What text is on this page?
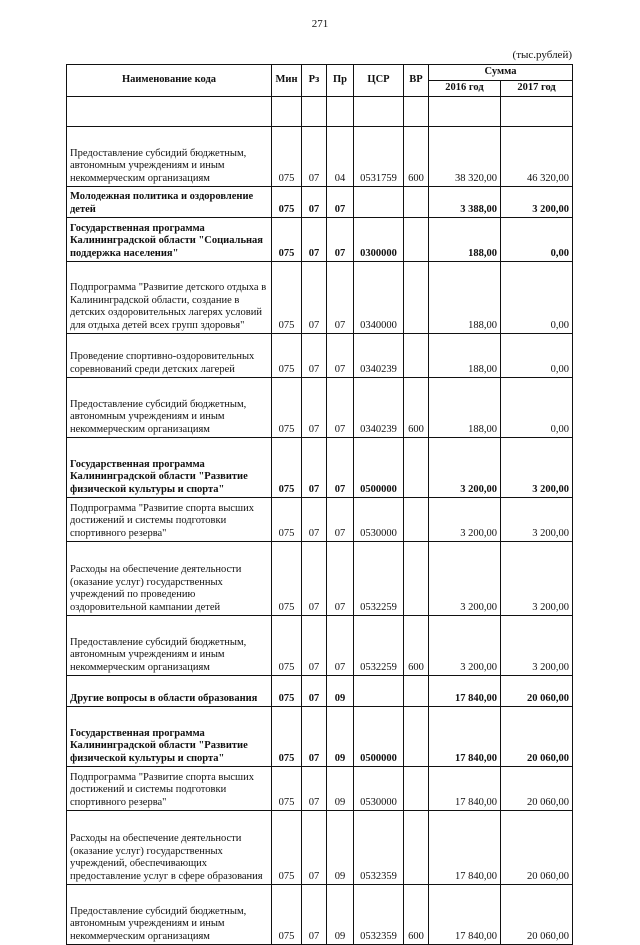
271
(тыс.рублей)
Наименование кода	Мин	Рз	Пр	ЦСР	ВР	Сумма	
						2016 год	2017 год

Предоставление субсидий бюджетным, автономным учреждениям и иным некоммерческим организациям	075	07	04	0531759	600	38 320,00	46 320,00
Молодежная политика и оздоровление детей	075	07	07			3 388,00	3 200,00
Государственная программа Калининградской области "Социальная поддержка населения"	075	07	07	0300000		188,00	0,00
Подпрограмма "Развитие детского отдыха в Калининградской области, создание в детских оздоровительных лагерях условий для отдыха детей всех групп здоровья"	075	07	07	0340000		188,00	0,00
Проведение спортивно-оздоровительных соревнований среди детских лагерей	075	07	07	0340239		188,00	0,00
Предоставление субсидий бюджетным, автономным учреждениям и иным некоммерческим организациям	075	07	07	0340239	600	188,00	0,00
Государственная программа Калининградской области "Развитие физической культуры и спорта"	075	07	07	0500000		3 200,00	3 200,00
Подпрограмма "Развитие спорта высших достижений и системы подготовки спортивного резерва"	075	07	07	0530000		3 200,00	3 200,00
Расходы на обеспечение деятельности (оказание услуг) государственных учреждений по проведению оздоровительной кампании детей	075	07	07	0532259		3 200,00	3 200,00
Предоставление субсидий бюджетным, автономным учреждениям и иным некоммерческим организациям	075	07	07	0532259	600	3 200,00	3 200,00
Другие вопросы в области образования	075	07	09			17 840,00	20 060,00
Государственная программа Калининградской области "Развитие физической культуры и спорта"	075	07	09	0500000		17 840,00	20 060,00
Подпрограмма "Развитие спорта высших достижений и системы подготовки спортивного резерва"	075	07	09	0530000		17 840,00	20 060,00
Расходы на обеспечение деятельности (оказание услуг) государственных учреждений, обеспечивающих предоставление услуг в сфере образования	075	07	09	0532359		17 840,00	20 060,00
Предоставление субсидий бюджетным, автономным учреждениям и иным некоммерческим организациям	075	07	09	0532359	600	17 840,00	20 060,00
